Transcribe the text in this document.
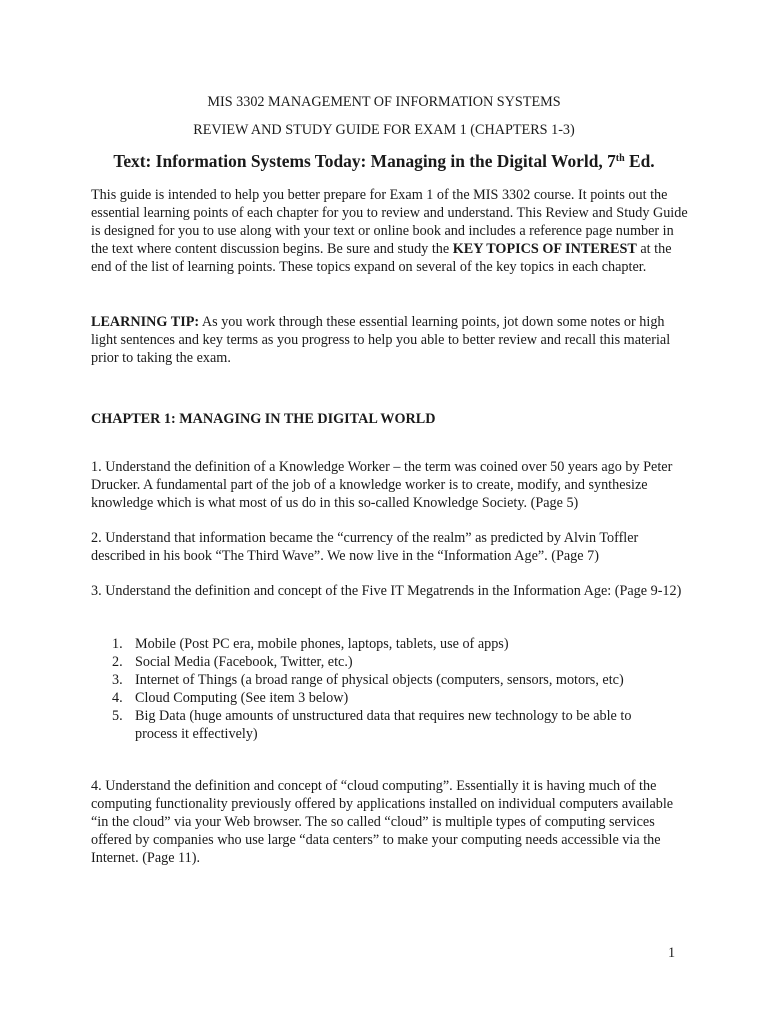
MIS 3302 MANAGEMENT OF INFORMATION SYSTEMS
REVIEW AND STUDY GUIDE FOR EXAM 1 (CHAPTERS 1-3)
Text: Information Systems Today: Managing in the Digital World, 7th Ed.

This guide is intended to help you better prepare for Exam 1 of the MIS 3302 course. It points out the essential learning points of each chapter for you to review and understand. This Review and Study Guide is designed for you to use along with your text or online book and includes a reference page number in the text where content discussion begins. Be sure and study the KEY TOPICS OF INTEREST at the end of the list of learning points. These topics expand on several of the key topics in each chapter.

LEARNING TIP: As you work through these essential learning points, jot down some notes or high light sentences and key terms as you progress to help you able to better review and recall this material prior to taking the exam.

CHAPTER 1: MANAGING IN THE DIGITAL WORLD

1. Understand the definition of a Knowledge Worker – the term was coined over 50 years ago by Peter Drucker. A fundamental part of the job of a knowledge worker is to create, modify, and synthesize knowledge which is what most of us do in this so-called Knowledge Society. (Page 5)

2. Understand that information became the “currency of the realm” as predicted by Alvin Toffler described in his book “The Third Wave”. We now live in the “Information Age”. (Page 7)

3. Understand the definition and concept of the Five IT Megatrends in the Information Age: (Page 9-12)

1. Mobile (Post PC era, mobile phones, laptops, tablets, use of apps)
2. Social Media (Facebook, Twitter, etc.)
3. Internet of Things (a broad range of physical objects (computers, sensors, motors, etc)
4. Cloud Computing (See item 3 below)
5. Big Data (huge amounts of unstructured data that requires new technology to be able to process it effectively)

4. Understand the definition and concept of “cloud computing”. Essentially it is having much of the computing functionality previously offered by applications installed on individual computers available “in the cloud” via your Web browser. The so called “cloud” is multiple types of computing services offered by companies who use large “data centers” to make your computing needs accessible via the Internet. (Page 11).

1
